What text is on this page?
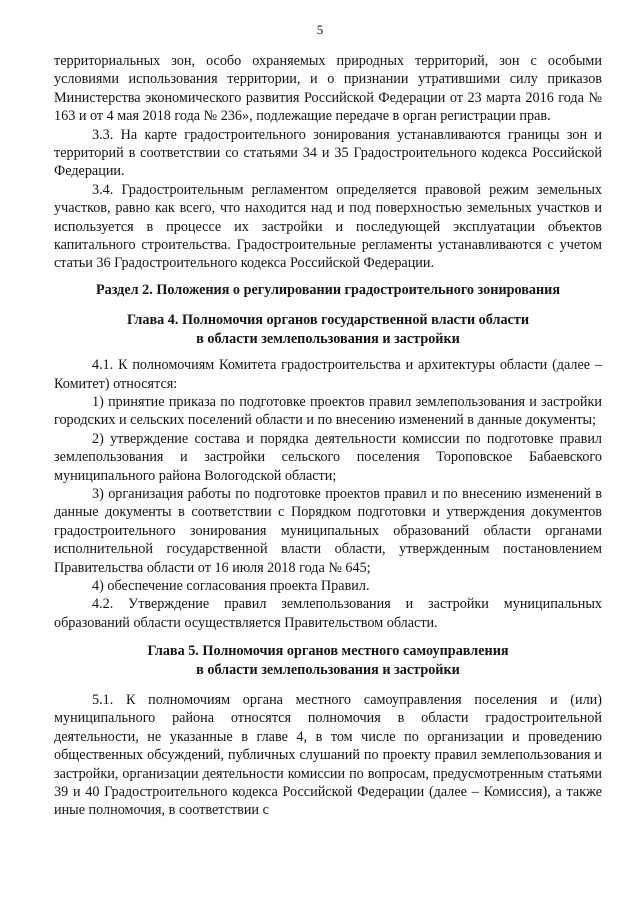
5

территориальных зон, особо охраняемых природных территорий, зон с особыми условиями использования территории, и о признании утратившими силу приказов Министерства экономического развития Российской Федерации от 23 марта 2016 года № 163 и от 4 мая 2018 года № 236», подлежащие передаче в орган регистрации прав.

3.3. На карте градостроительного зонирования устанавливаются границы зон и территорий в соответствии со статьями 34 и 35 Градостроительного кодекса Российской Федерации.

3.4. Градостроительным регламентом определяется правовой режим земельных участков, равно как всего, что находится над и под поверхностью земельных участков и используется в процессе их застройки и последующей эксплуатации объектов капитального строительства. Градостроительные регламенты устанавливаются с учетом статьи 36 Градостроительного кодекса Российской Федерации.

Раздел 2. Положения о регулировании градостроительного зонирования
Глава 4. Полномочия органов государственной власти области
в области землепользования и застройки

4.1. К полномочиям Комитета градостроительства и архитектуры области (далее – Комитет) относятся:

1) принятие приказа по подготовке проектов правил землепользования и застройки городских и сельских поселений области и по внесению изменений в данные документы;

2) утверждение состава и порядка деятельности комиссии по подготовке правил землепользования и застройки сельского поселения Тороповское Бабаевского муниципального района Вологодской области;

3) организация работы по подготовке проектов правил и по внесению изменений в данные документы в соответствии с Порядком подготовки и утверждения документов градостроительного зонирования муниципальных образований области органами исполнительной государственной власти области, утвержденным постановлением Правительства области от 16 июля 2018 года № 645;

4) обеспечение согласования проекта Правил.

4.2. Утверждение правил землепользования и застройки муниципальных образований области осуществляется Правительством области.

Глава 5. Полномочия органов местного самоуправления
в области землепользования и застройки

5.1. К полномочиям органа местного самоуправления поселения и (или) муниципального района относятся полномочия в области градостроительной деятельности, не указанные в главе 4, в том числе по организации и проведению общественных обсуждений, публичных слушаний по проекту правил землепользования и застройки, организации деятельности комиссии по вопросам, предусмотренным статьями 39 и 40 Градостроительного кодекса Российской Федерации (далее – Комиссия), а также иные полномочия, в соответствии с
